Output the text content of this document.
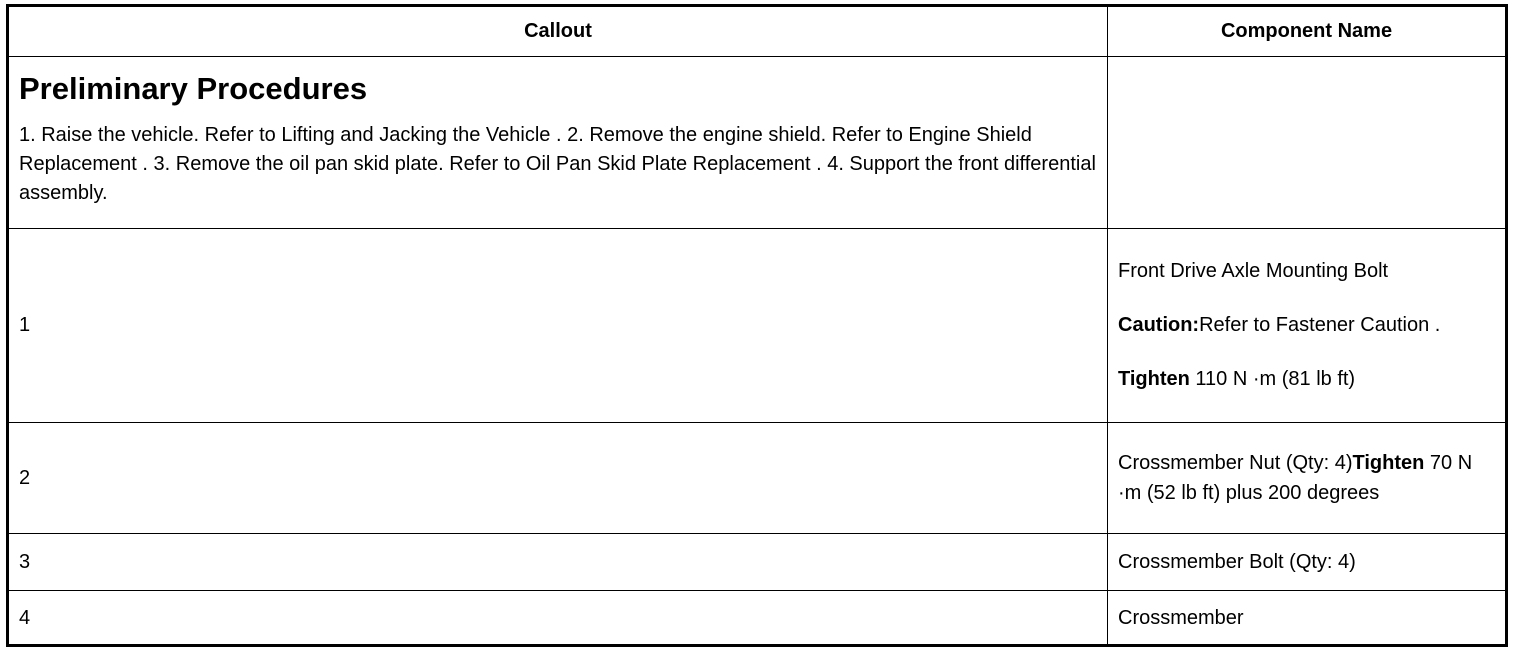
Callout	Component Name

Preliminary Procedures
1. Raise the vehicle. Refer to Lifting and Jacking the Vehicle . 2. Remove the engine shield. Refer to Engine Shield Replacement . 3. Remove the oil pan skid plate. Refer to Oil Pan Skid Plate Replacement . 4. Support the front differential assembly.	

1	Front Drive Axle Mounting Bolt

Caution:Refer to Fastener Caution .

Tighten 110 N ·m (81 lb ft)

2	Crossmember Nut (Qty: 4)Tighten 70 N ·m (52 lb ft) plus 200 degrees
3	Crossmember Bolt (Qty: 4)
4	Crossmember
